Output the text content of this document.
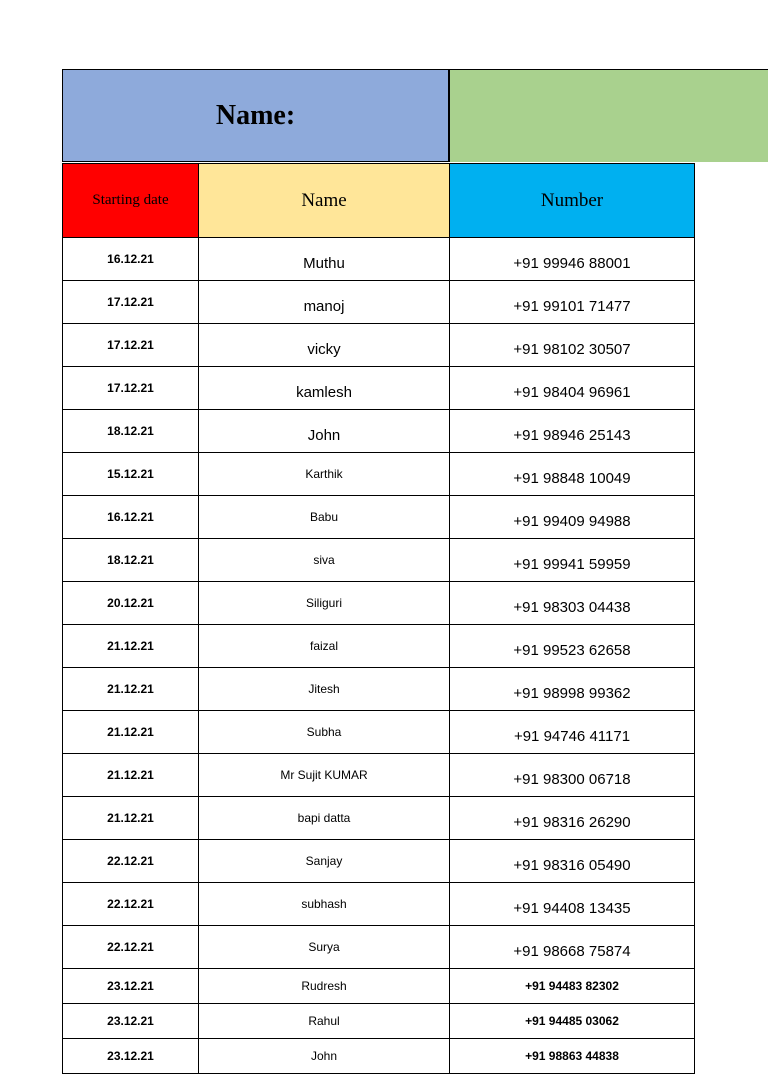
Name:
Starting date	Name	Number
16.12.21	Muthu	+91 99946 88001
17.12.21	manoj	+91 99101 71477
17.12.21	vicky	+91 98102 30507
17.12.21	kamlesh	+91 98404 96961
18.12.21	John	+91 98946 25143
15.12.21	Karthik	+91 98848 10049
16.12.21	Babu	+91 99409 94988
18.12.21	siva	+91 99941 59959
20.12.21	Siliguri	+91 98303 04438
21.12.21	faizal	+91 99523 62658
21.12.21	Jitesh	+91 98998 99362
21.12.21	Subha	+91 94746 41171
21.12.21	Mr Sujit KUMAR	+91 98300 06718
21.12.21	bapi datta	+91 98316 26290
22.12.21	Sanjay	+91 98316 05490
22.12.21	subhash	+91 94408 13435
22.12.21	Surya	+91 98668 75874
23.12.21	Rudresh	+91 94483 82302
23.12.21	Rahul	+91 94485 03062
23.12.21	John	+91 98863 44838
